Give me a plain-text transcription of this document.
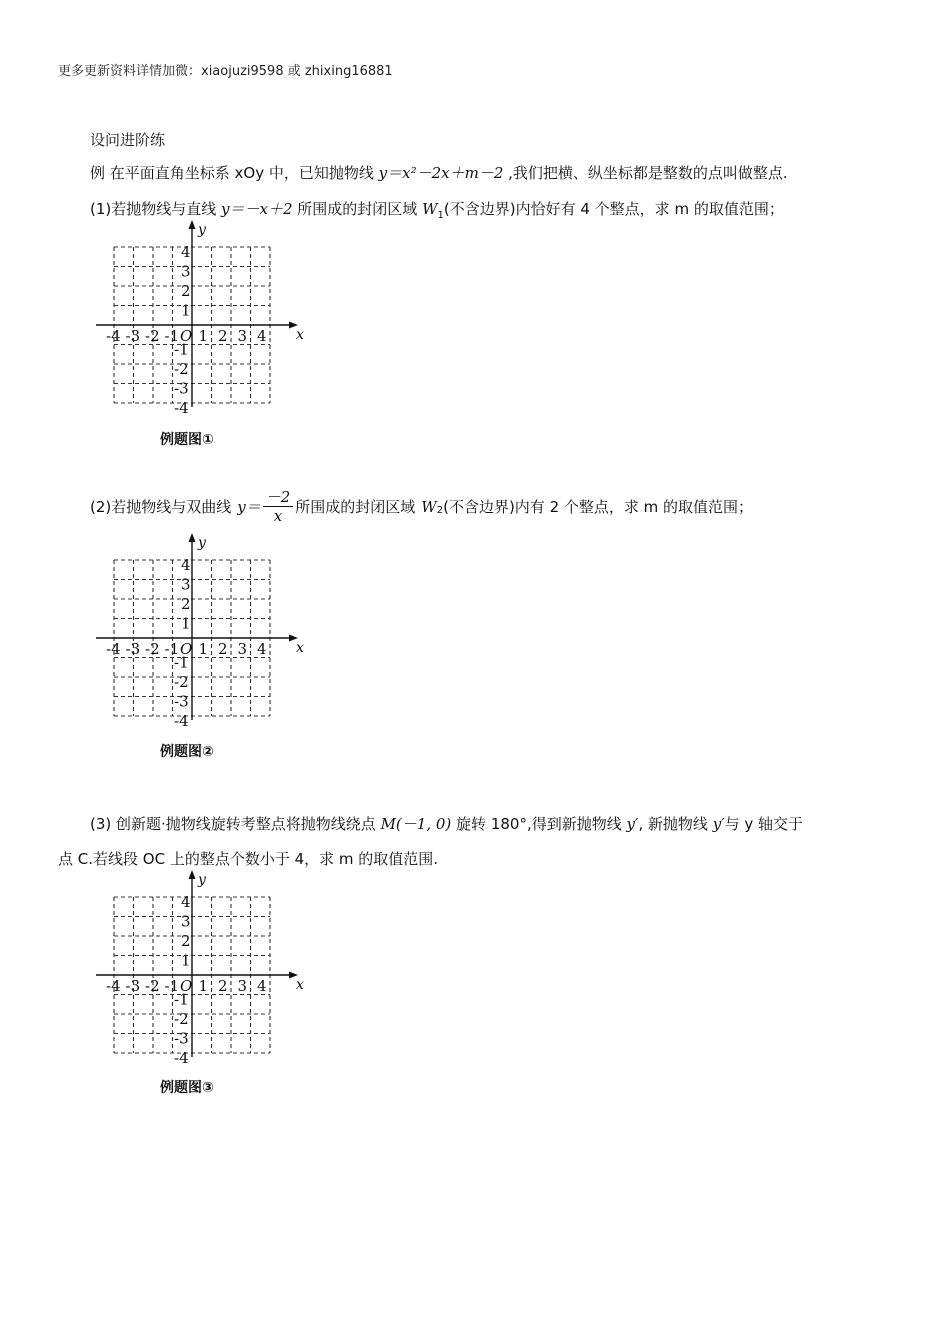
更多更新资料详情加微：xiaojuzi9598 或 zhixing16881
设问进阶练
例 在平面直角坐标系 xOy 中，已知抛物线 y＝x²－2x＋m－2 ,我们把横、纵坐标都是整数的点叫做整点.
(1)若抛物线与直线 y＝－x＋2 所围成的封闭区域 $W_1$(不含边界)内恰好有 4 个整点，求 m 的取值范围；
x
y
O
-4 -3 -2 -1 1 2 3 4
4
3
2
1
-1
-2
-3
-4
例题图①
(2)若抛物线与双曲线 $y= \frac{-2}{x}$ 所围成的封闭区域 $W_2$ (不含边界)内有 2 个整点，求 m 的取值范围；
x
y
O
-4 -3 -2 -1 1 2 3 4
4
3
2
1
-1
-2
-3
-4
例题图②
(3) 创新题·抛物线旋转考整点将抛物线绕点 M(－1, 0) 旋转 180°,得到新抛物线 y′, 新抛物线 y′与 y 轴交于
点 C.若线段 OC 上的整点个数小于 4，求 m 的取值范围.
x
y
O
-4 -3 -2 -1 1 2 3 4
4
3
2
1
-1
-2
-3
-4
例题图③
